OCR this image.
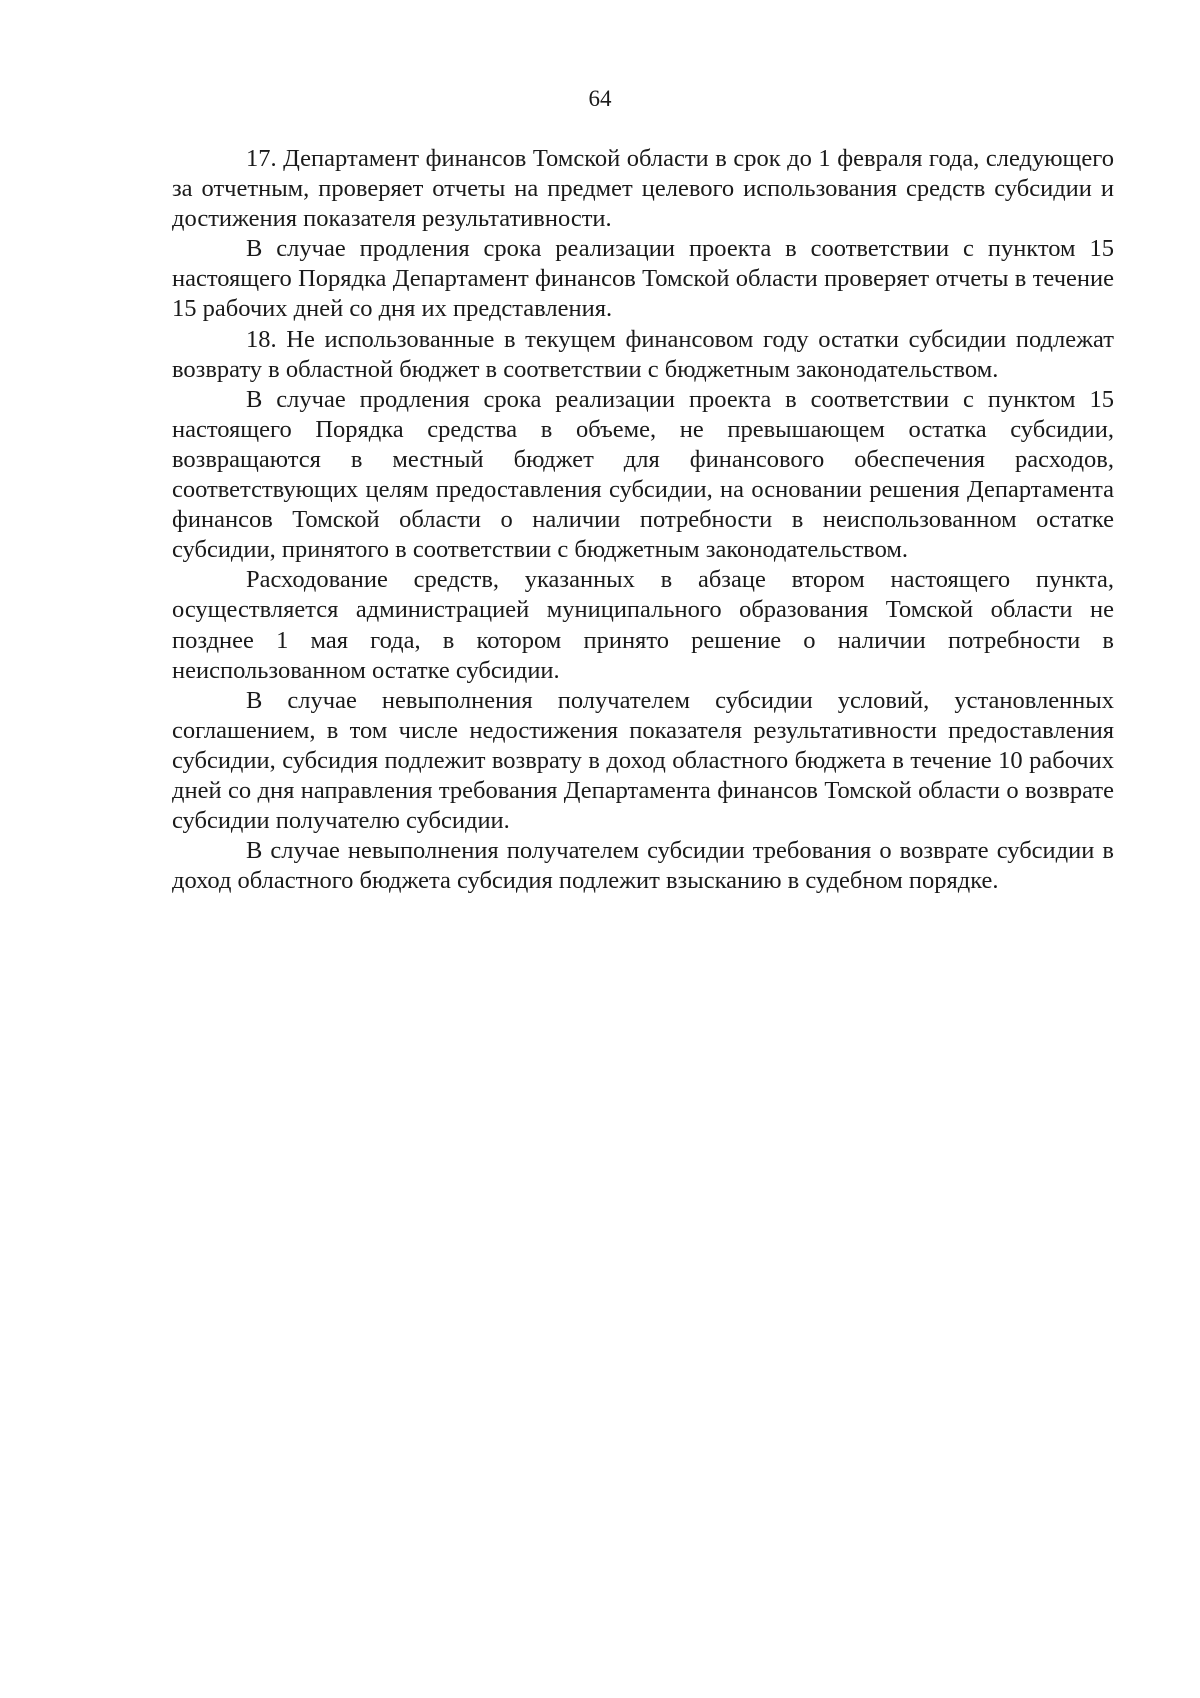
64

17. Департамент финансов Томской области в срок до 1 февраля года, следующего за отчетным, проверяет отчеты на предмет целевого использования средств субсидии и достижения показателя результативности.

В случае продления срока реализации проекта в соответствии с пунктом 15 настоящего Порядка Департамент финансов Томской области проверяет отчеты в течение 15 рабочих дней со дня их представления.

18. Не использованные в текущем финансовом году остатки субсидии подлежат возврату в областной бюджет в соответствии с бюджетным законодательством.

В случае продления срока реализации проекта в соответствии с пунктом 15 настоящего Порядка средства в объеме, не превышающем остатка субсидии, возвращаются в местный бюджет для финансового обеспечения расходов, соответствующих целям предоставления субсидии, на основании решения Департамента финансов Томской области о наличии потребности в неиспользованном остатке субсидии, принятого в соответствии с бюджетным законодательством.

Расходование средств, указанных в абзаце втором настоящего пункта, осуществляется администрацией муниципального образования Томской области не позднее 1 мая года, в котором принято решение о наличии потребности в неиспользованном остатке субсидии.

В случае невыполнения получателем субсидии условий, установленных соглашением, в том числе недостижения показателя результативности предоставления субсидии, субсидия подлежит возврату в доход областного бюджета в течение 10 рабочих дней со дня направления требования Департамента финансов Томской области о возврате субсидии получателю субсидии.

В случае невыполнения получателем субсидии требования о возврате субсидии в доход областного бюджета субсидия подлежит взысканию в судебном порядке.
